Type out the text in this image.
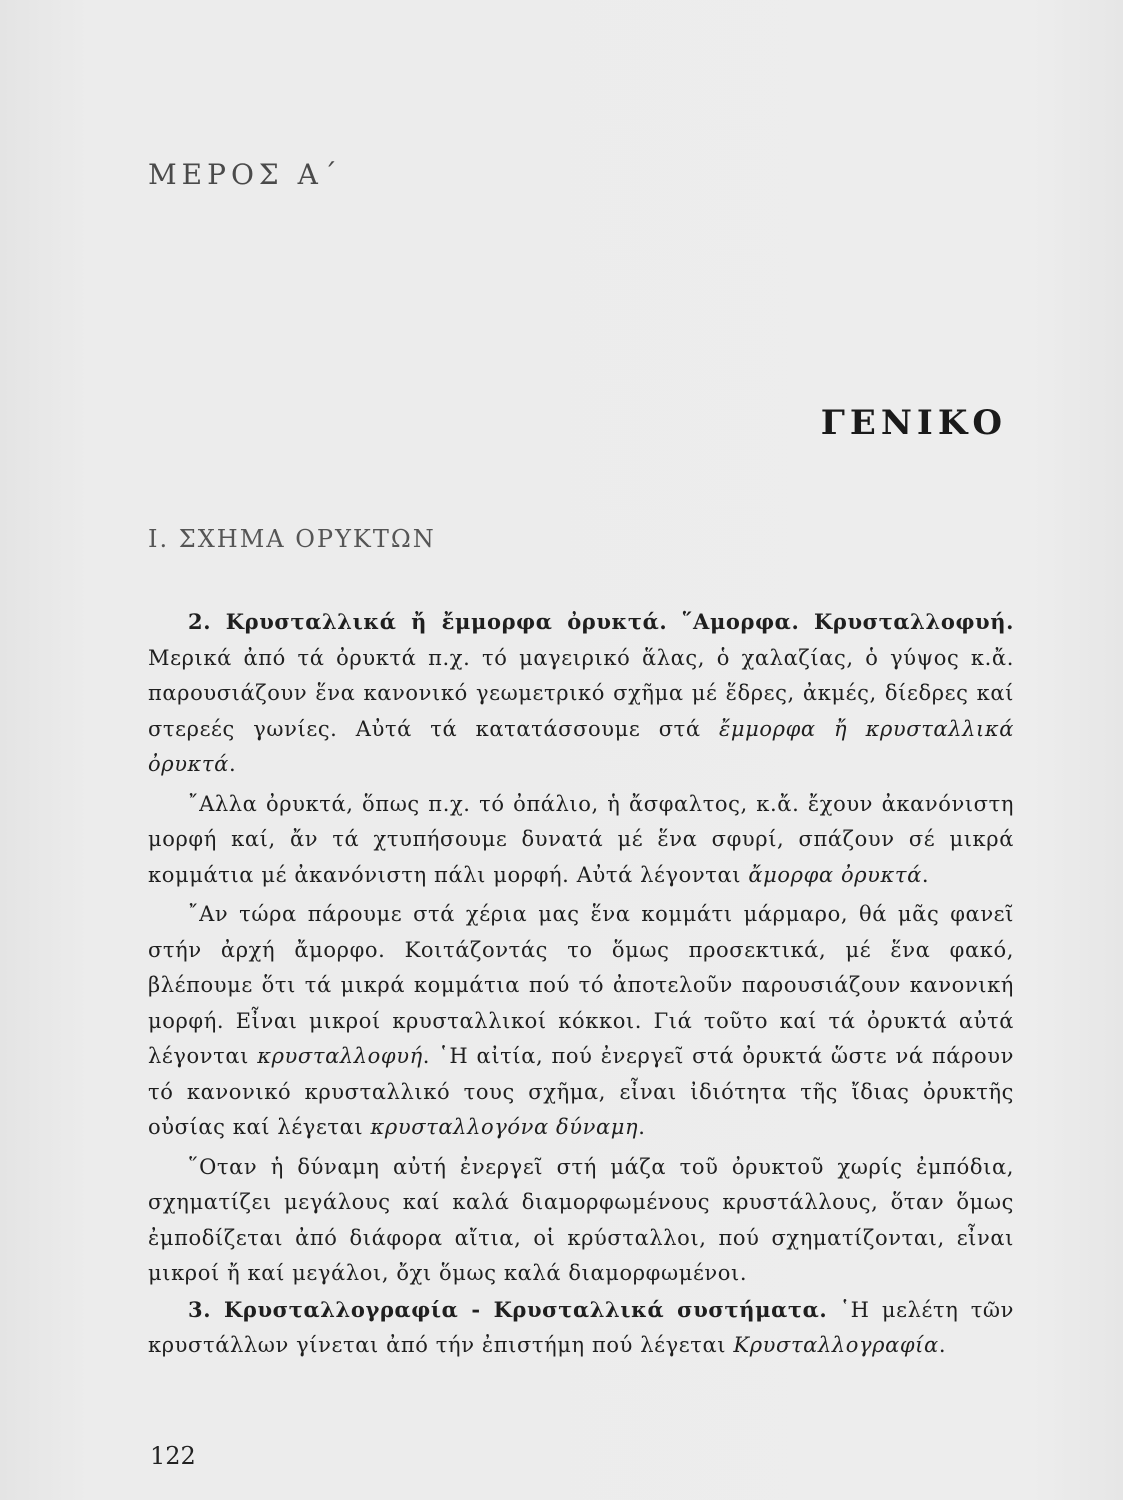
ΜΕΡΟΣ Α΄
ΓΕΝΙΚΟ
Ι. ΣΧΗΜΑ ΟΡΥΚΤΩΝ

2. Κρυσταλλικά ἤ ἔμμορφα ὀρυκτά. ῞Αμορφα. Κρυσταλλοφυή. Μερικά ἀπό τά ὀρυκτά π.χ. τό μαγειρικό ἅλας, ὁ χαλαζίας, ὁ γύψος κ.ἄ. παρουσιάζουν ἕνα κανονικό γεωμετρικό σχῆμα μέ ἕδρες, ἀκμές, δίεδρες καί στερεές γωνίες. Αὐτά τά κατατάσσουμε στά ἔμμορφα ἤ κρυσταλλικά ὀρυκτά.

῎Αλλα ὀρυκτά, ὅπως π.χ. τό ὀπάλιο, ἡ ἄσφαλτος, κ.ἄ. ἔχουν ἀκανόνιστη μορφή καί, ἄν τά χτυπήσουμε δυνατά μέ ἕνα σφυρί, σπάζουν σέ μικρά κομμάτια μέ ἀκανόνιστη πάλι μορφή. Αὐτά λέγονται ἄμορφα ὀρυκτά.

῎Αν τώρα πάρουμε στά χέρια μας ἕνα κομμάτι μάρμαρο, θά μᾶς φανεῖ στήν ἀρχή ἄμορφο. Κοιτάζοντάς το ὅμως προσεκτικά, μέ ἕνα φακό, βλέπουμε ὅτι τά μικρά κομμάτια πού τό ἀποτελοῦν παρουσιάζουν κανονική μορφή. Εἶναι μικροί κρυσταλλικοί κόκκοι. Γιά τοῦτο καί τά ὀρυκτά αὐτά λέγονται κρυσταλλοφυή. ῾Η αἰτία, πού ἐνεργεῖ στά ὀρυκτά ὥστε νά πάρουν τό κανονικό κρυσταλλικό τους σχῆμα, εἶναι ἰδιότητα τῆς ἴδιας ὀρυκτῆς οὐσίας καί λέγεται κρυσταλλογόνα δύναμη.

῞Οταν ἡ δύναμη αὐτή ἐνεργεῖ στή μάζα τοῦ ὀρυκτοῦ χωρίς ἐμπόδια, σχηματίζει μεγάλους καί καλά διαμορφωμένους κρυστάλλους, ὅταν ὅμως ἐμποδίζεται ἀπό διάφορα αἴτια, οἱ κρύσταλλοι, πού σχηματίζονται, εἶναι μικροί ἤ καί μεγάλοι, ὄχι ὅμως καλά διαμορφωμένοι.

3. Κρυσταλλογραφία - Κρυσταλλικά συστήματα. ῾Η μελέτη τῶν κρυστάλλων γίνεται ἀπό τήν ἐπιστήμη πού λέγεται Κρυσταλλογραφία.

122
